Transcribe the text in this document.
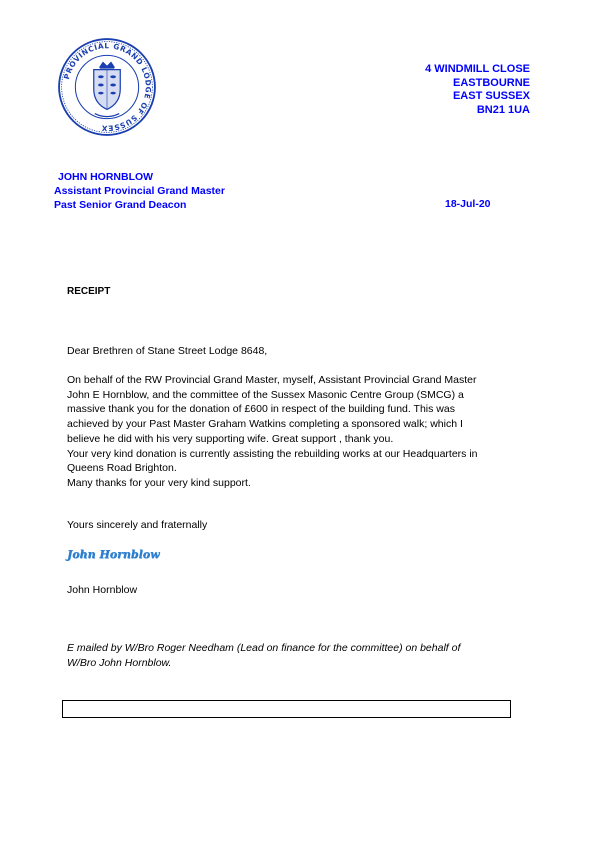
PROVINCIAL GRAND LODGE OF SUSSEX
4 WINDMILL CLOSE
EASTBOURNE
EAST SUSSEX
BN21 1UA
JOHN HORNBLOW
Assistant Provincial Grand Master
Past Senior Grand Deacon	18-Jul-20
RECEIPT
Dear Brethren of Stane Street Lodge 8648,
On behalf of the RW Provincial Grand Master, myself, Assistant Provincial Grand Master
John E Hornblow, and the committee of the Sussex Masonic Centre Group (SMCG) a
massive thank you for the donation of £600 in respect of the building fund. This was
achieved by your Past Master Graham Watkins completing a sponsored walk; which I
believe he did with his very supporting wife. Great support , thank you.
Your very kind donation is currently assisting the rebuilding works at our Headquarters in
Queens Road Brighton.
Many thanks for your very kind support.
Yours sincerely and fraternally
John Hornblow
John Hornblow
E mailed by W/Bro Roger Needham (Lead on finance for the committee) on behalf of
W/Bro John Hornblow.
